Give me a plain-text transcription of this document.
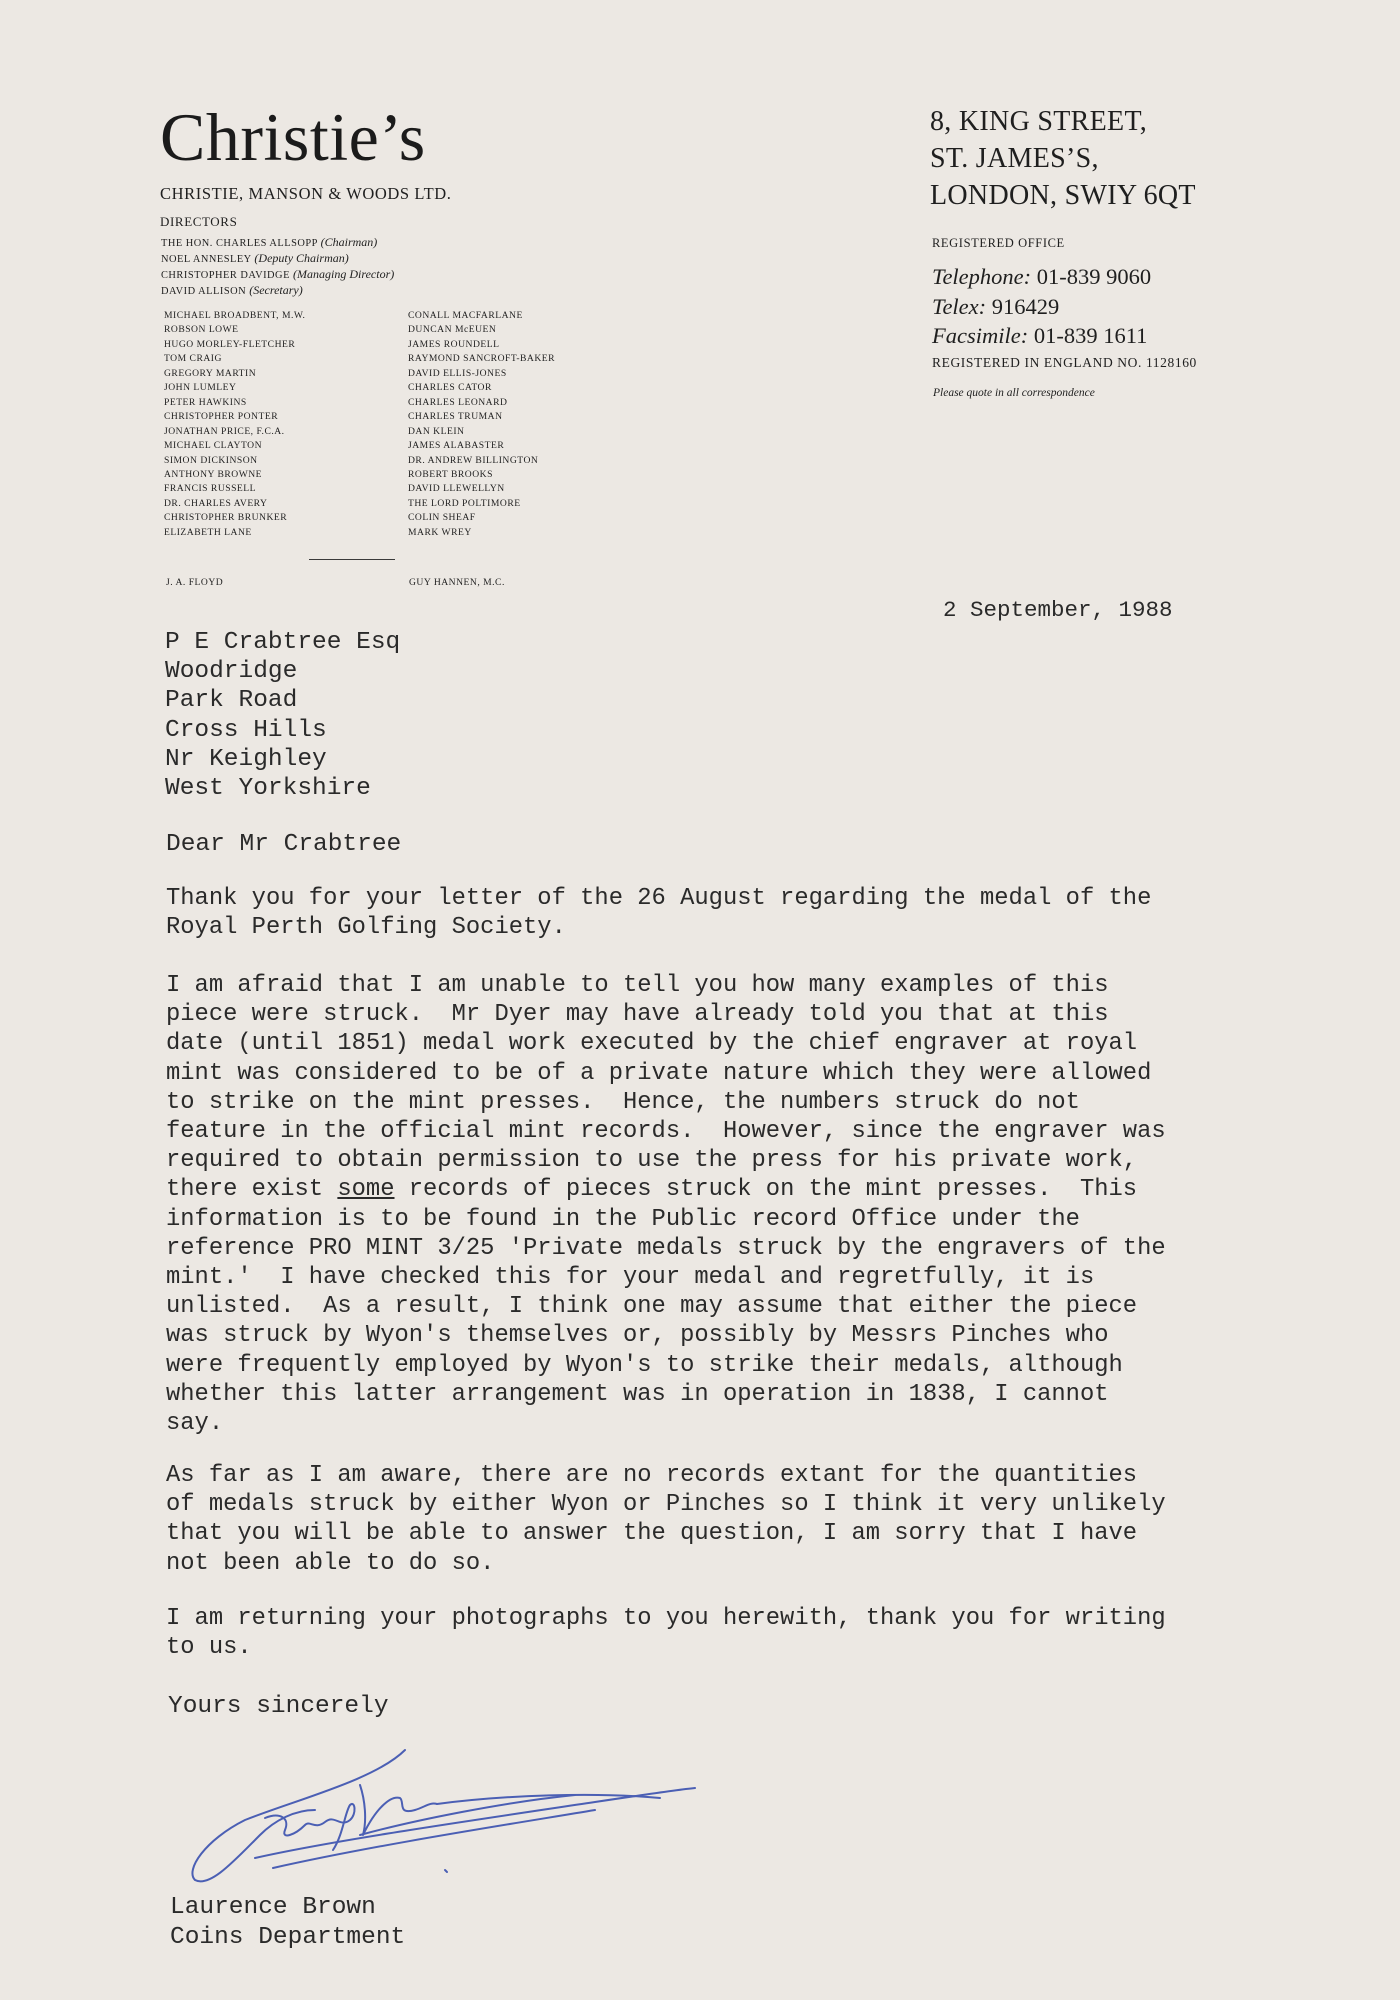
Christie’s
CHRISTIE, MANSON & WOODS LTD.
DIRECTORS
THE HON. CHARLES ALLSOPP (Chairman)
NOEL ANNESLEY (Deputy Chairman)
CHRISTOPHER DAVIDGE (Managing Director)
DAVID ALLISON (Secretary)
MICHAEL BROADBENT, M.W.
ROBSON LOWE
HUGO MORLEY-FLETCHER
TOM CRAIG
GREGORY MARTIN
JOHN LUMLEY
PETER HAWKINS
CHRISTOPHER PONTER
JONATHAN PRICE, F.C.A.
MICHAEL CLAYTON
SIMON DICKINSON
ANTHONY BROWNE
FRANCIS RUSSELL
DR. CHARLES AVERY
CHRISTOPHER BRUNKER
ELIZABETH LANE
CONALL MACFARLANE
DUNCAN McEUEN
JAMES ROUNDELL
RAYMOND SANCROFT-BAKER
DAVID ELLIS-JONES
CHARLES CATOR
CHARLES LEONARD
CHARLES TRUMAN
DAN KLEIN
JAMES ALABASTER
DR. ANDREW BILLINGTON
ROBERT BROOKS
DAVID LLEWELLYN
THE LORD POLTIMORE
COLIN SHEAF
MARK WREY
J. A. FLOYD	GUY HANNEN, M.C.
8, KING STREET,
ST. JAMES’S,
LONDON, SWIY 6QT
REGISTERED OFFICE
Telephone: 01-839 9060
Telex: 916429
Facsimile: 01-839 1611
REGISTERED IN ENGLAND NO. 1128160
Please quote in all correspondence
2 September, 1988
P E Crabtree Esq
Woodridge
Park Road
Cross Hills
Nr Keighley
West Yorkshire
Dear Mr Crabtree
Thank you for your letter of the 26 August regarding the medal of the
Royal Perth Golfing Society.
I am afraid that I am unable to tell you how many examples of this
piece were struck.  Mr Dyer may have already told you that at this
date (until 1851) medal work executed by the chief engraver at royal
mint was considered to be of a private nature which they were allowed
to strike on the mint presses.  Hence, the numbers struck do not
feature in the official mint records.  However, since the engraver was
required to obtain permission to use the press for his private work,
there exist some records of pieces struck on the mint presses.  This
information is to be found in the Public record Office under the
reference PRO MINT 3/25 'Private medals struck by the engravers of the
mint.'  I have checked this for your medal and regretfully, it is
unlisted.  As a result, I think one may assume that either the piece
was struck by Wyon's themselves or, possibly by Messrs Pinches who
were frequently employed by Wyon's to strike their medals, although
whether this latter arrangement was in operation in 1838, I cannot
say.
As far as I am aware, there are no records extant for the quantities
of medals struck by either Wyon or Pinches so I think it very unlikely
that you will be able to answer the question, I am sorry that I have
not been able to do so.
I am returning your photographs to you herewith, thank you for writing
to us.
Yours sincerely
Laurence Brown
Coins Department
